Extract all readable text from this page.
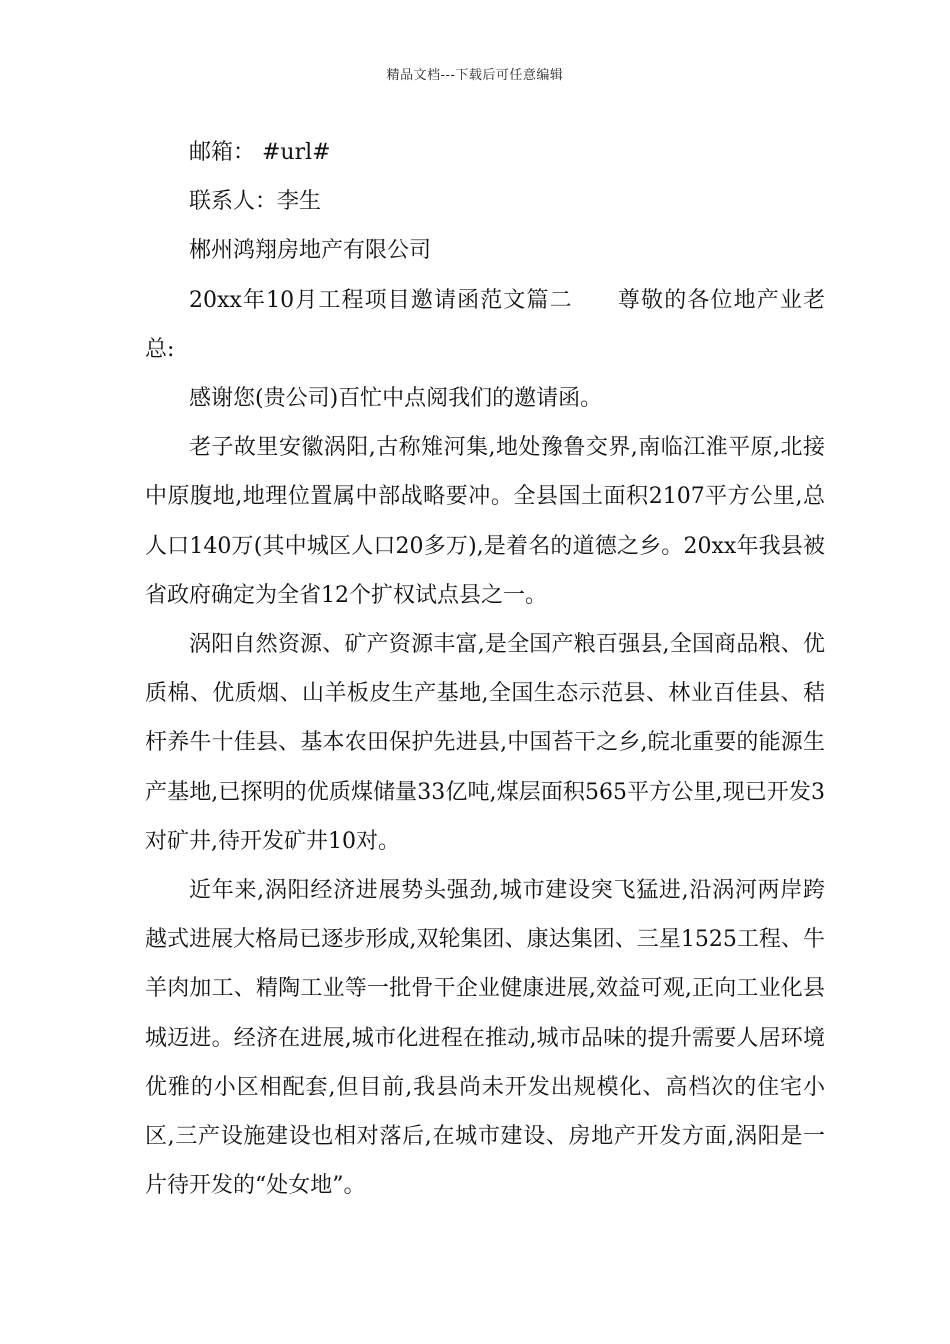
精品文档---下载后可任意编辑

邮箱： #url#

联系人：李生

郴州鸿翔房地产有限公司

20xx年10月工程项目邀请函范文篇二 尊敬的各位地产业老总:

感谢您(贵公司)百忙中点阅我们的邀请函。

老子故里安徽涡阳,古称雉河集,地处豫鲁交界,南临江淮平原,北接中原腹地,地理位置属中部战略要冲。全县国土面积2107平方公里,总人口140万(其中城区人口20多万),是着名的道德之乡。20xx年我县被省政府确定为全省12个扩权试点县之一。

涡阳自然资源、矿产资源丰富,是全国产粮百强县,全国商品粮、优质棉、优质烟、山羊板皮生产基地,全国生态示范县、林业百佳县、秸杆养牛十佳县、基本农田保护先进县,中国苔干之乡,皖北重要的能源生产基地,已探明的优质煤储量33亿吨,煤层面积565平方公里,现已开发3对矿井,待开发矿井10对。

近年来,涡阳经济进展势头强劲,城市建设突飞猛进,沿涡河两岸跨越式进展大格局已逐步形成,双轮集团、康达集团、三星1525工程、牛羊肉加工、精陶工业等一批骨干企业健康进展,效益可观,正向工业化县城迈进。经济在进展,城市化进程在推动,城市品味的提升需要人居环境优雅的小区相配套,但目前,我县尚未开发出规模化、高档次的住宅小区,三产设施建设也相对落后,在城市建设、房地产开发方面,涡阳是一片待开发的“处女地”。
